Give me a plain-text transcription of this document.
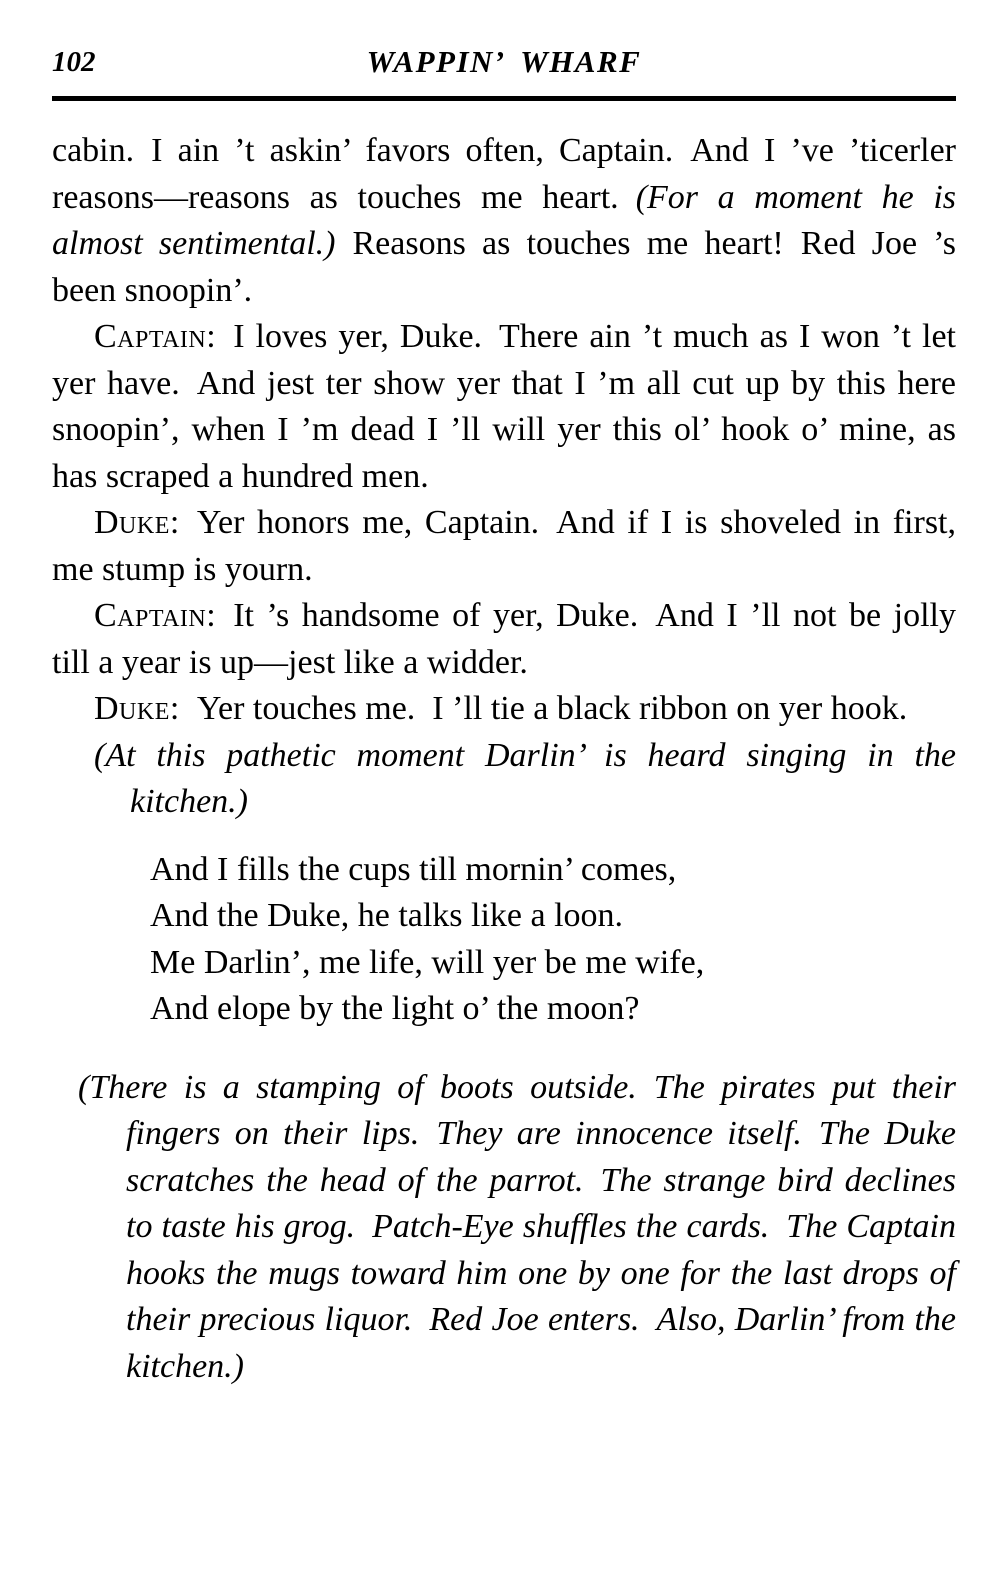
102	WAPPIN’ WHARF

cabin. I ain ’t askin’ favors often, Captain. And I ’ve ’ticerler reasons—reasons as touches me heart. (For a moment he is almost sentimental.) Reasons as touches me heart! Red Joe ’s been snoopin’.

Captain: I loves yer, Duke. There ain ’t much as I won ’t let yer have. And jest ter show yer that I ’m all cut up by this here snoopin’, when I ’m dead I ’ll will yer this ol’ hook o’ mine, as has scraped a hundred men.

Duke: Yer honors me, Captain. And if I is shoveled in first, me stump is yourn.

Captain: It ’s handsome of yer, Duke. And I ’ll not be jolly till a year is up—jest like a widder.

Duke: Yer touches me. I ’ll tie a black ribbon on yer hook.

(At this pathetic moment Darlin’ is heard singing in the kitchen.)

And I fills the cups till mornin’ comes,
And the Duke, he talks like a loon.
Me Darlin’, me life, will yer be me wife,
And elope by the light o’ the moon?

(There is a stamping of boots outside. The pirates put their fingers on their lips. They are innocence itself. The Duke scratches the head of the parrot. The strange bird declines to taste his grog. Patch-Eye shuffles the cards. The Captain hooks the mugs toward him one by one for the last drops of their precious liquor. Red Joe enters. Also, Darlin’ from the kitchen.)
